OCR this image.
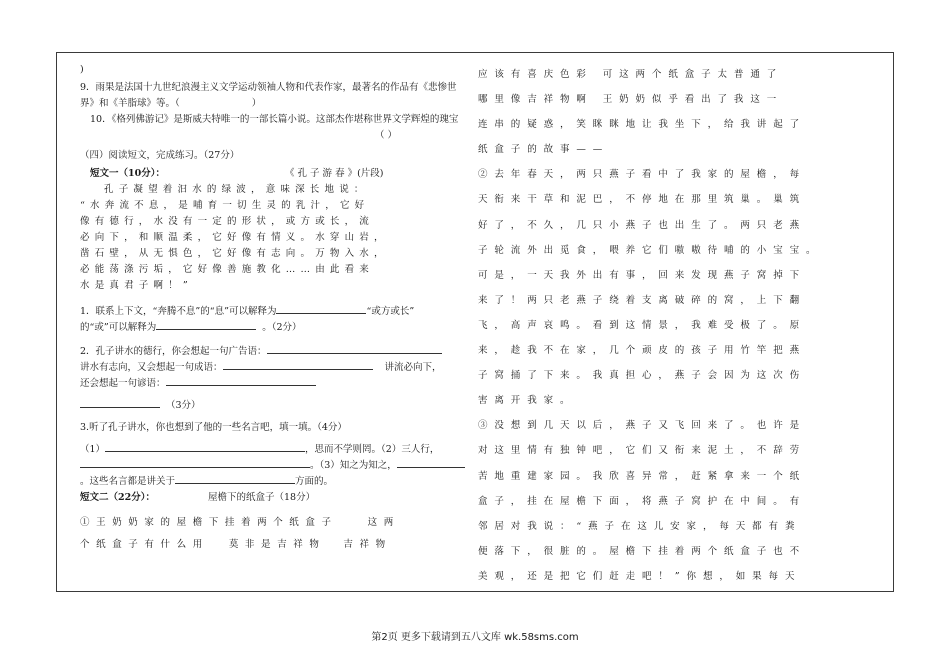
)
9．雨果是法国十九世纪浪漫主义文学运动领袖人物和代表作家，最著名的作品有《悲惨世
界》和《羊脂球》等。（	）
10．《格列佛游记》是斯威夫特唯一的一部长篇小说。这部杰作堪称世界文学辉煌的瑰宝
（ ）
（四）阅读短文，完成练习。（27分）
短文一（10分）：	《 孔 子 游 春 》(片段)
孔子凝望着汩水的绿波，意味深长地说：
“水奔流不息，是哺育一切生灵的乳汁，它好
像有德行，水没有一定的形状，或方或长，流
必向下，和顺温柔，它好像有情义。水穿山岩，
凿石壁，从无惧色，它好像有志向。万物入水，
必能荡涤污垢，它好像善施教化……由此看来
水是真君子啊！”
1．联系上下文，“奔腾不息”的“息”可以解释为	“或方或长”
的“或”可以解释为	。（2分）
2．孔子讲水的德行，你会想起一句广告语：
讲水有志向，又会想起一句成语：	讲流必向下，
还会想起一句谚语：
（3分）
3.听了孔子讲水，你也想到了他的一些名言吧，填一填。（4分）
（1）	，思而不学则罔。（2）三人行，
。（3）知之为知之，
。这些名言都是讲关于	方面的。
短文二（22分）：	屋檐下的纸盒子（18分）
①王奶奶家的屋檐下挂着两个纸盒子	这两
个纸盒子有什么用 莫非是吉祥物 吉祥物
应该有喜庆色彩 可这两个纸盒子太普通了
哪里像吉祥物啊 王奶奶似乎看出了我这一
连串的疑惑，笑眯眯地让我坐下，给我讲起了
纸盒子的故事——
②去年春天，两只燕子看中了我家的屋檐，每
天衔来干草和泥巴，不停地在那里筑巢。巢筑
好了，不久，几只小燕子也出生了。两只老燕
子轮流外出觅食，喂养它们嗷嗷待哺的小宝宝。
可是，一天我外出有事，回来发现燕子窝掉下
来了！两只老燕子绕着支离破碎的窝，上下翻
飞，高声哀鸣。看到这情景，我难受极了。原
来，趁我不在家，几个顽皮的孩子用竹竿把燕
子窝捅了下来。我真担心，燕子会因为这次伤
害离开我家。
③没想到几天以后，燕子又飞回来了。也许是
对这里情有独钟吧，它们又衔来泥土，不辞劳
苦地重建家园。我欣喜异常，赶紧拿来一个纸
盒子，挂在屋檐下面，将燕子窝护在中间。有
邻居对我说：“燕子在这儿安家，每天都有粪
便落下，很脏的。屋檐下挂着两个纸盒子也不
美观，还是把它们赶走吧！”你想，如果每天
第2页 更多下载请到五八文库 wk.58sms.com
